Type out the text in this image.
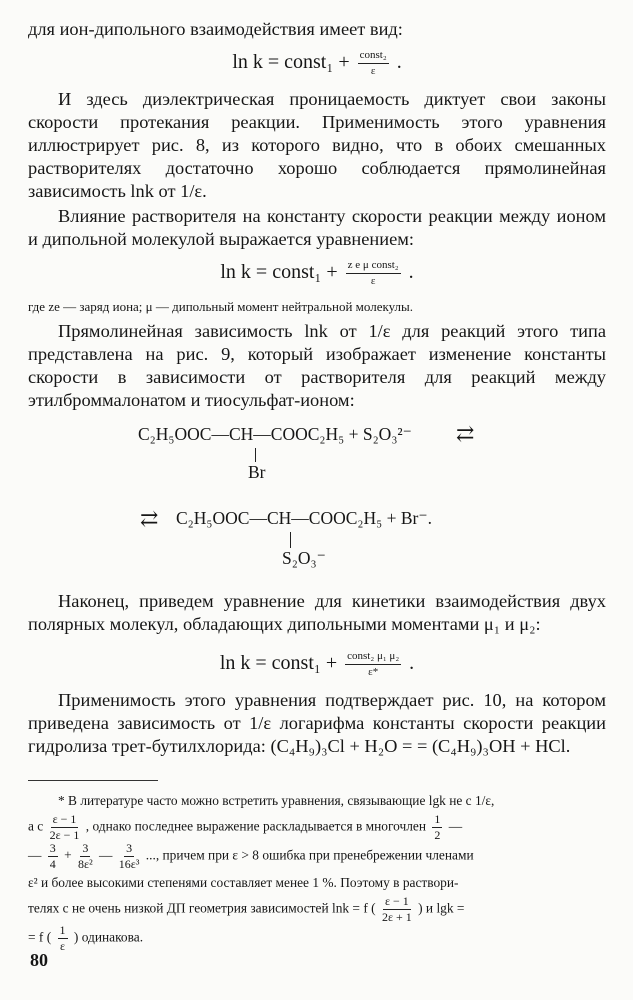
для ион-дипольного взаимодействия имеет вид:

ln k = const₁ + $\frac{\text{const₂}}{\varepsilon}$ .

И здесь диэлектрическая проницаемость диктует свои законы скорости протекания реакции. Применимость этого уравнения иллюстрирует рис. 8, из которого видно, что в обоих смешанных растворителях достаточно хорошо соблюдается прямолинейная зависимость lnk от 1/ε.

Влияние растворителя на константу скорости реакции между ионом и дипольной молекулой выражается уравнением:

ln k = const₁ + $\frac{\text{z e μ const₂}}{\varepsilon}$ .

где ze — заряд иона; μ — дипольный момент нейтральной молекулы.

Прямолинейная зависимость lnk от 1/ε для реакций этого типа представлена на рис. 9, который изображает изменение константы скорости в зависимости от растворителя для реакций между этилброммалонатом и тиосульфат-ионом:

C₂H₅OOC—CH—COOC₂H₅ + S₂O₃²⁻ ⇄
Br
⇄ C₂H₅OOC—CH—COOC₂H₅ + Br⁻.
S₂O₃⁻

Наконец, приведем уравнение для кинетики взаимодействия двух полярных молекул, обладающих дипольными моментами μ₁ и μ₂:

ln k = const₁ + $\frac{\text{const₂ μ₁ μ₂}}{\varepsilon*}$ .

Применимость этого уравнения подтверждает рис. 10, на котором приведена зависимость от 1/ε логарифма константы скорости реакции гидролиза трет-бутилхлорида: (C₄H₉)₃Cl + H₂O = = (C₄H₉)₃OH + HCl.

* В литературе часто можно встретить уравнения, связывающие lgk не с 1/ε,
а с $\frac{\varepsilon - 1}{2\varepsilon - 1}$ , однако последнее выражение раскладывается в многочлен $\frac{1}{2}$ —
— $\frac{3}{4} + \frac{3}{\text{8ε²}}$ — $\frac{3}{\text{16ε³}}$ ..., причем при ε > 8 ошибка при пренебрежении членами
ε² и более высокими степенями составляет менее 1 %. Поэтому в раствори-
телях с не очень низкой ДП геометрия зависимостей lnk = f ( $\frac{\varepsilon - 1}{2\varepsilon + 1}$ ) и lgk =
= f ( $\frac{1}{\varepsilon}$ ) одинакова.
80
